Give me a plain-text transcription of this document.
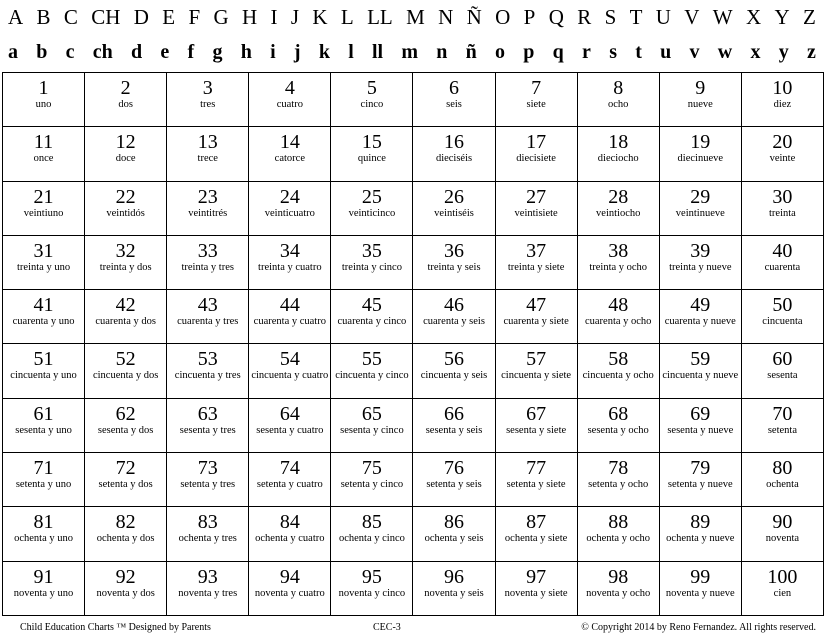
A B C CH D E F G H I J K L LL M N Ñ O P Q R S T U V W X Y Z
a b c ch d e f g h i j k l ll m n ñ o p q r s t u v w x y z
1
uno	2
dos	3
tres	4
cuatro	5
cinco	6
seis	7
siete	8
ocho	9
nueve	10
diez

11
once	12
doce	13
trece	14
catorce	15
quince	16
dieciséis	17
diecisiete	18
dieciocho	19
diecinueve	20
veinte

21
veintiuno	22
veintidós	23
veintitrés	24
veinticuatro	25
veinticinco	26
veintiséis	27
veintisiete	28
veintiocho	29
veintinueve	30
treinta

31
treinta y uno	32
treinta y dos	33
treinta y tres	34
treinta y cuatro	35
treinta y cinco	36
treinta y seis	37
treinta y siete	38
treinta y ocho	39
treinta y nueve	40
cuarenta

41
cuarenta y uno	42
cuarenta y dos	43
cuarenta y tres	44
cuarenta y cuatro	45
cuarenta y cinco	46
cuarenta y seis	47
cuarenta y siete	48
cuarenta y ocho	49
cuarenta y nueve	50
cincuenta

51
cincuenta y uno	52
cincuenta y dos	53
cincuenta y tres	54
cincuenta y cuatro	55
cincuenta y cinco	56
cincuenta y seis	57
cincuenta y siete	58
cincuenta y ocho	59
cincuenta y nueve	60
sesenta

61
sesenta y uno	62
sesenta y dos	63
sesenta y tres	64
sesenta y cuatro	65
sesenta y cinco	66
sesenta y seis	67
sesenta y siete	68
sesenta y ocho	69
sesenta y nueve	70
setenta

71
setenta y uno	72
setenta y dos	73
setenta y tres	74
setenta y cuatro	75
setenta y cinco	76
setenta y seis	77
setenta y siete	78
setenta y ocho	79
setenta y nueve	80
ochenta

81
ochenta y uno	82
ochenta y dos	83
ochenta y tres	84
ochenta y cuatro	85
ochenta y cinco	86
ochenta y seis	87
ochenta y siete	88
ochenta y ocho	89
ochenta y nueve	90
noventa

91
noventa y uno	92
noventa y dos	93
noventa y tres	94
noventa y cuatro	95
noventa y cinco	96
noventa y seis	97
noventa y siete	98
noventa y ocho	99
noventa y nueve	100
cien
Child Education Charts ™ Designed by Parents	CEC-3	© Copyright 2014 by Reno Fernandez. All rights reserved.
